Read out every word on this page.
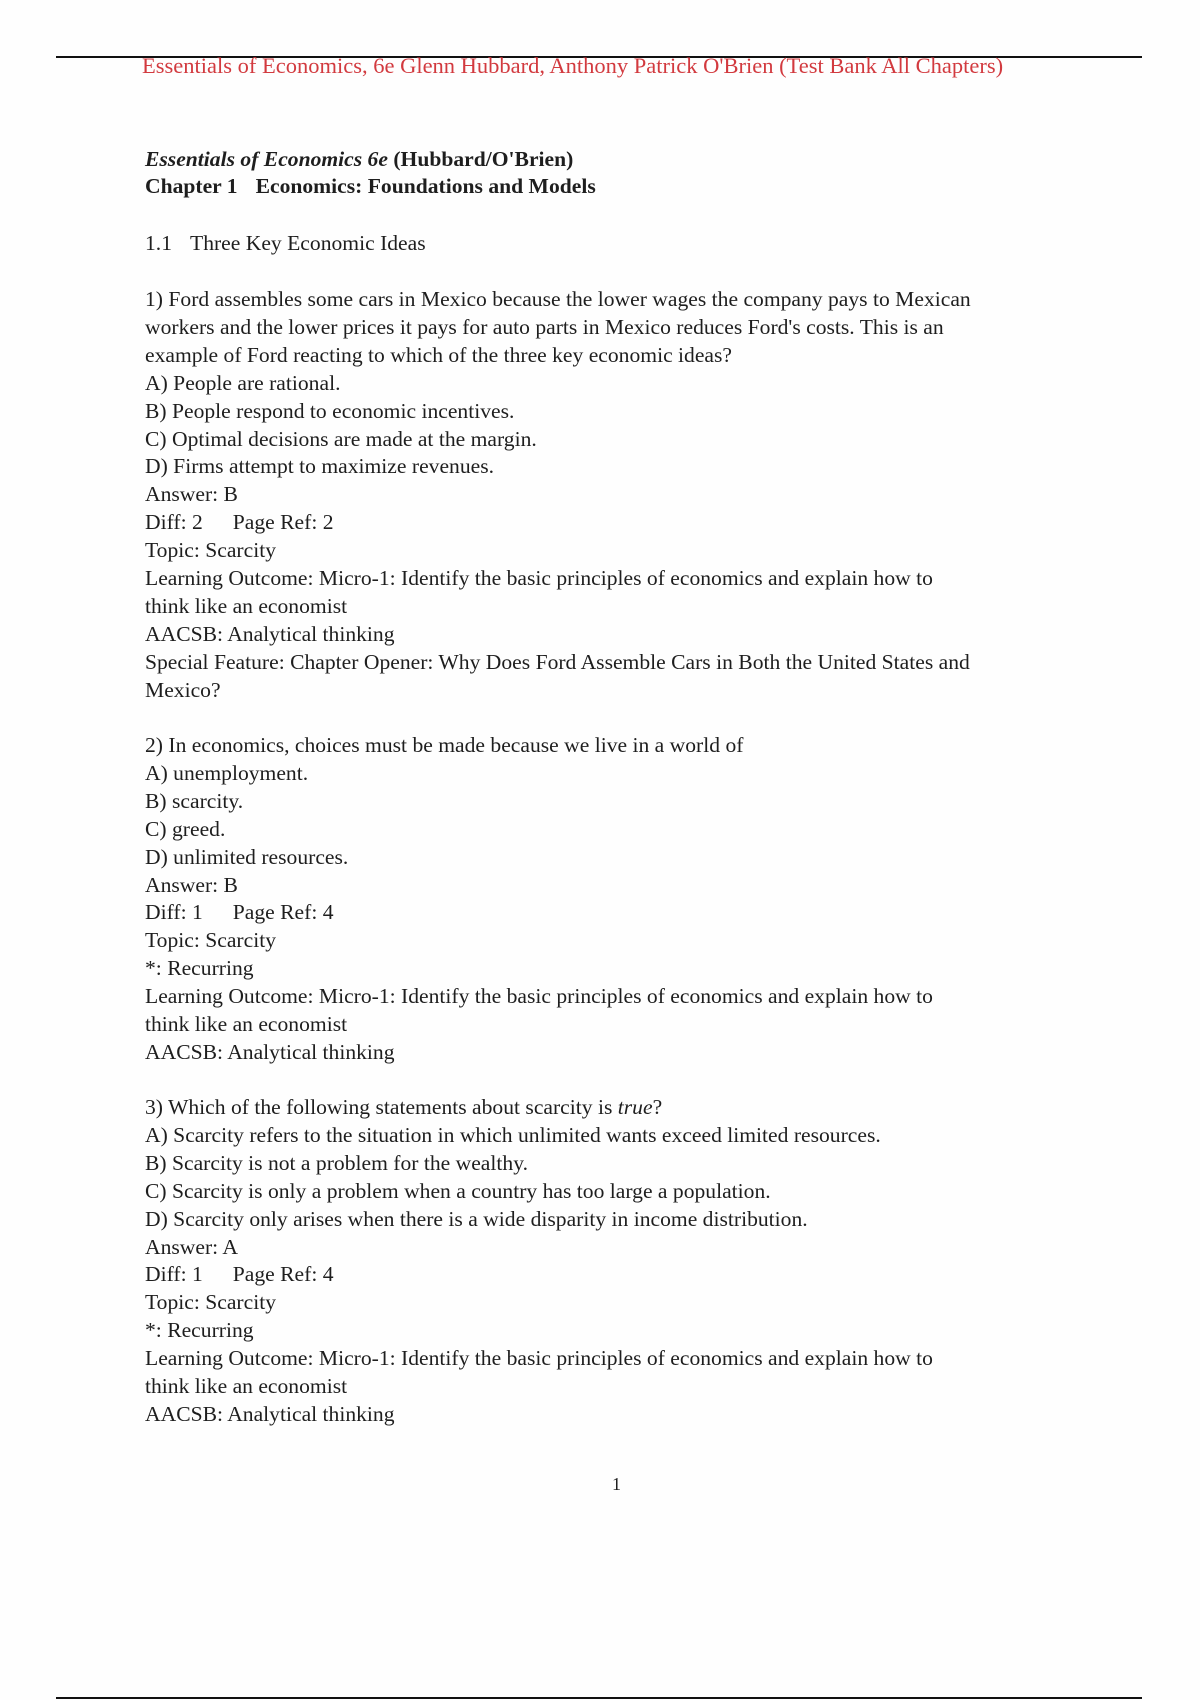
Essentials of Economics, 6e Glenn Hubbard, Anthony Patrick O'Brien (Test Bank All Chapters)
Essentials of Economics 6e (Hubbard/O'Brien)
Chapter 1 Economics: Foundations and Models
1.1 Three Key Economic Ideas
1) Ford assembles some cars in Mexico because the lower wages the company pays to Mexican
workers and the lower prices it pays for auto parts in Mexico reduces Ford's costs. This is an
example of Ford reacting to which of the three key economic ideas?
A) People are rational.
B) People respond to economic incentives.
C) Optimal decisions are made at the margin.
D) Firms attempt to maximize revenues.
Answer: B
Diff: 2 Page Ref: 2
Topic: Scarcity
Learning Outcome: Micro-1: Identify the basic principles of economics and explain how to
think like an economist
AACSB: Analytical thinking
Special Feature: Chapter Opener: Why Does Ford Assemble Cars in Both the United States and
Mexico?
2) In economics, choices must be made because we live in a world of
A) unemployment.
B) scarcity.
C) greed.
D) unlimited resources.
Answer: B
Diff: 1 Page Ref: 4
Topic: Scarcity
*: Recurring
Learning Outcome: Micro-1: Identify the basic principles of economics and explain how to
think like an economist
AACSB: Analytical thinking
3) Which of the following statements about scarcity is true?
A) Scarcity refers to the situation in which unlimited wants exceed limited resources.
B) Scarcity is not a problem for the wealthy.
C) Scarcity is only a problem when a country has too large a population.
D) Scarcity only arises when there is a wide disparity in income distribution.
Answer: A
Diff: 1 Page Ref: 4
Topic: Scarcity
*: Recurring
Learning Outcome: Micro-1: Identify the basic principles of economics and explain how to
think like an economist
AACSB: Analytical thinking
1
